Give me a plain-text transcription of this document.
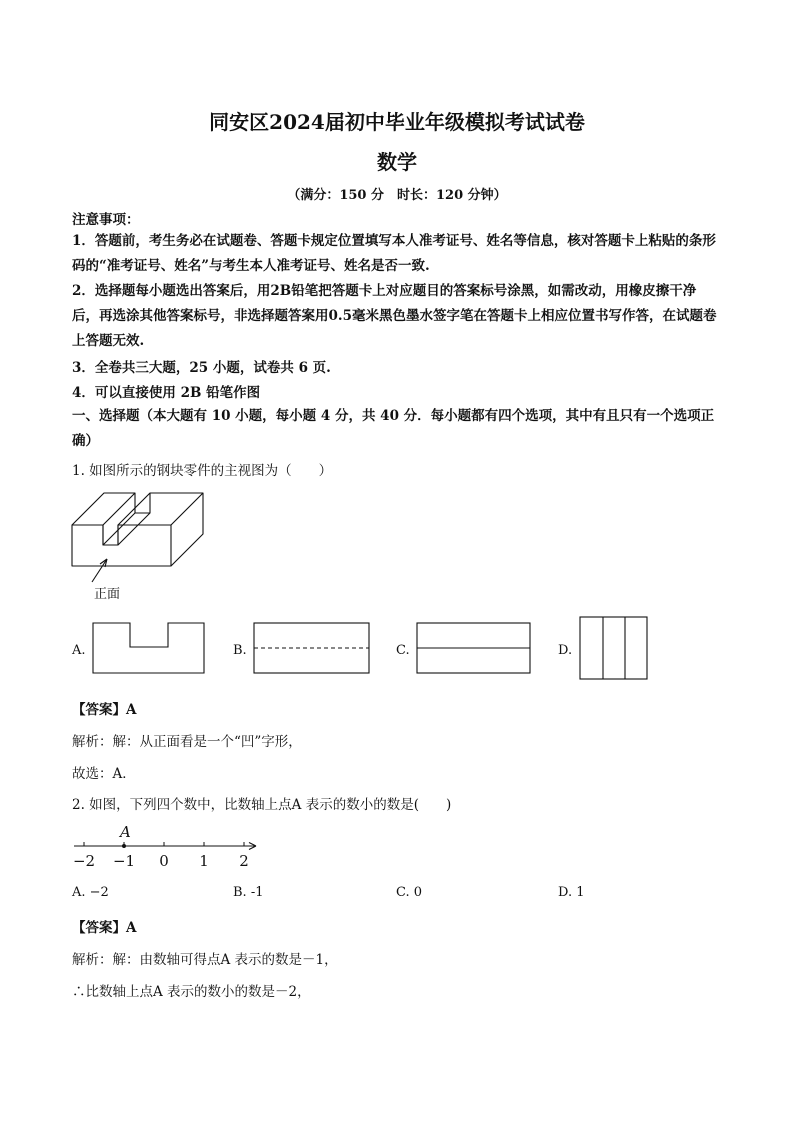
同安区2024届初中毕业年级模拟考试试卷
数学
（满分：150 分　时长：120 分钟）
注意事项：
1．答题前，考生务必在试题卷、答题卡规定位置填写本人准考证号、姓名等信息，核对答题卡上粘贴的条形码的“准考证号、姓名”与考生本人准考证号、姓名是否一致.
2．选择题每小题选出答案后，用2B铅笔把答题卡上对应题目的答案标号涂黑，如需改动，用橡皮擦干净后，再选涂其他答案标号，非选择题答案用0.5毫米黑色墨水签字笔在答题卡上相应位置书写作答，在试题卷上答题无效.
3．全卷共三大题，25 小题，试卷共 6 页.
4．可以直接使用 2B 铅笔作图
一、选择题（本大题有 10 小题，每小题 4 分，共 40 分．每小题都有四个选项，其中有且只有一个选项正确）
1. 如图所示的钢块零件的主视图为（　　）
正面
A.	B.	C.	D.
【答案】A
解析：解：从正面看是一个“凹”字形，
故选：A．
2. 如图，下列四个数中，比数轴上点A 表示的数小的数是(　　)
A
−2 −1 0 1 2
A. −2	B. -1	C. 0	D. 1
【答案】A
解析：解：由数轴可得点A 表示的数是－1，
∴比数轴上点A 表示的数小的数是－2，
